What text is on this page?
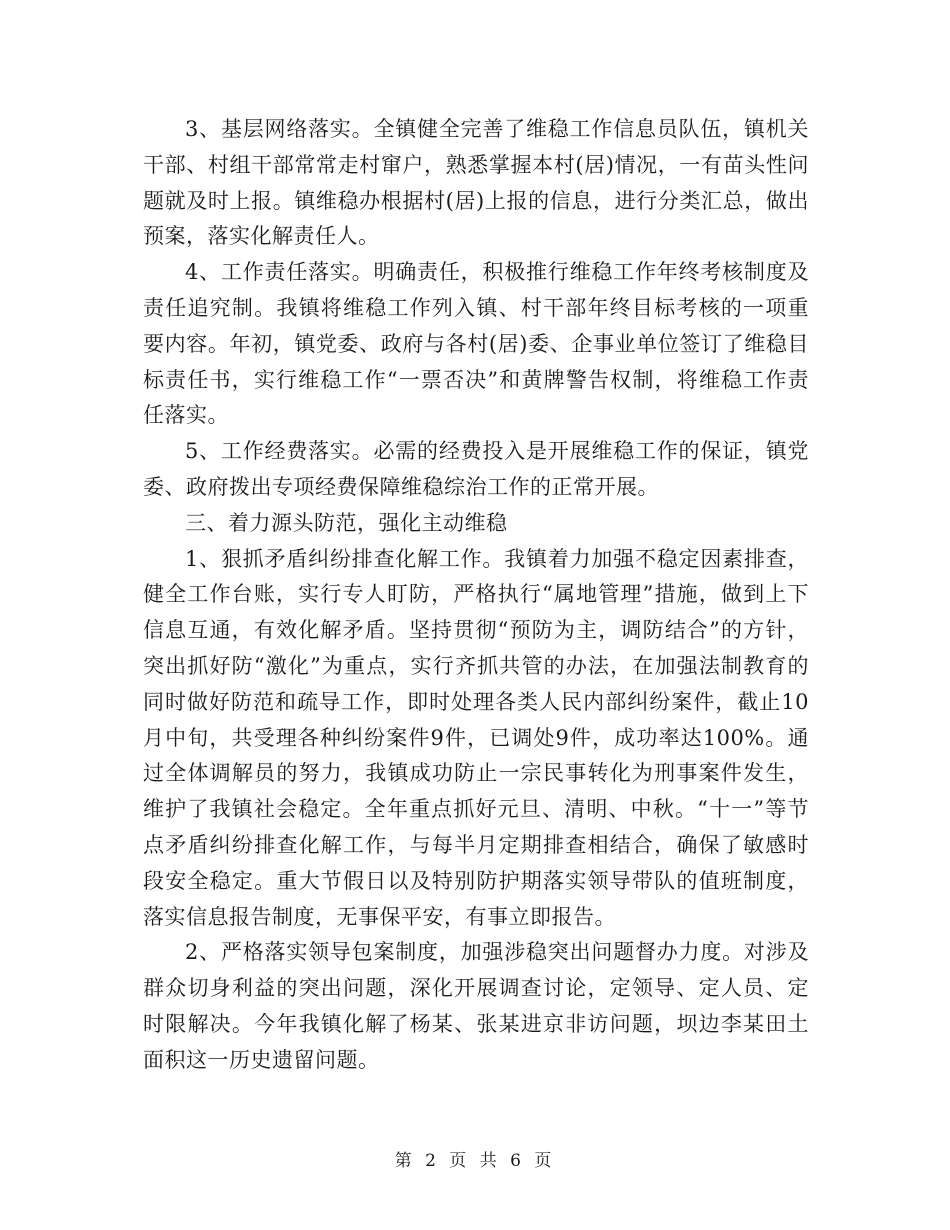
3、基层网络落实。全镇健全完善了维稳工作信息员队伍，镇机关干部、村组干部常常走村窜户，熟悉掌握本村(居)情况，一有苗头性问题就及时上报。镇维稳办根据村(居)上报的信息，进行分类汇总，做出预案，落实化解责任人。

4、工作责任落实。明确责任，积极推行维稳工作年终考核制度及责任追究制。我镇将维稳工作列入镇、村干部年终目标考核的一项重要内容。年初，镇党委、政府与各村(居)委、企事业单位签订了维稳目标责任书，实行维稳工作“一票否决”和黄牌警告权制，将维稳工作责任落实。

5、工作经费落实。必需的经费投入是开展维稳工作的保证，镇党委、政府拨出专项经费保障维稳综治工作的正常开展。

三、着力源头防范，强化主动维稳

1、狠抓矛盾纠纷排查化解工作。我镇着力加强不稳定因素排查，健全工作台账，实行专人盯防，严格执行“属地管理”措施，做到上下信息互通，有效化解矛盾。坚持贯彻“预防为主，调防结合”的方针，突出抓好防“激化”为重点，实行齐抓共管的办法，在加强法制教育的同时做好防范和疏导工作，即时处理各类人民内部纠纷案件，截止10月中旬，共受理各种纠纷案件9件，已调处9件，成功率达100%。通过全体调解员的努力，我镇成功防止一宗民事转化为刑事案件发生，维护了我镇社会稳定。全年重点抓好元旦、清明、中秋。“十一”等节点矛盾纠纷排查化解工作，与每半月定期排查相结合，确保了敏感时段安全稳定。重大节假日以及特别防护期落实领导带队的值班制度，落实信息报告制度，无事保平安，有事立即报告。

2、严格落实领导包案制度，加强涉稳突出问题督办力度。对涉及群众切身利益的突出问题，深化开展调查讨论，定领导、定人员、定时限解决。今年我镇化解了杨某、张某进京非访问题，坝边李某田土面积这一历史遗留问题。

第 2 页 共 6 页
